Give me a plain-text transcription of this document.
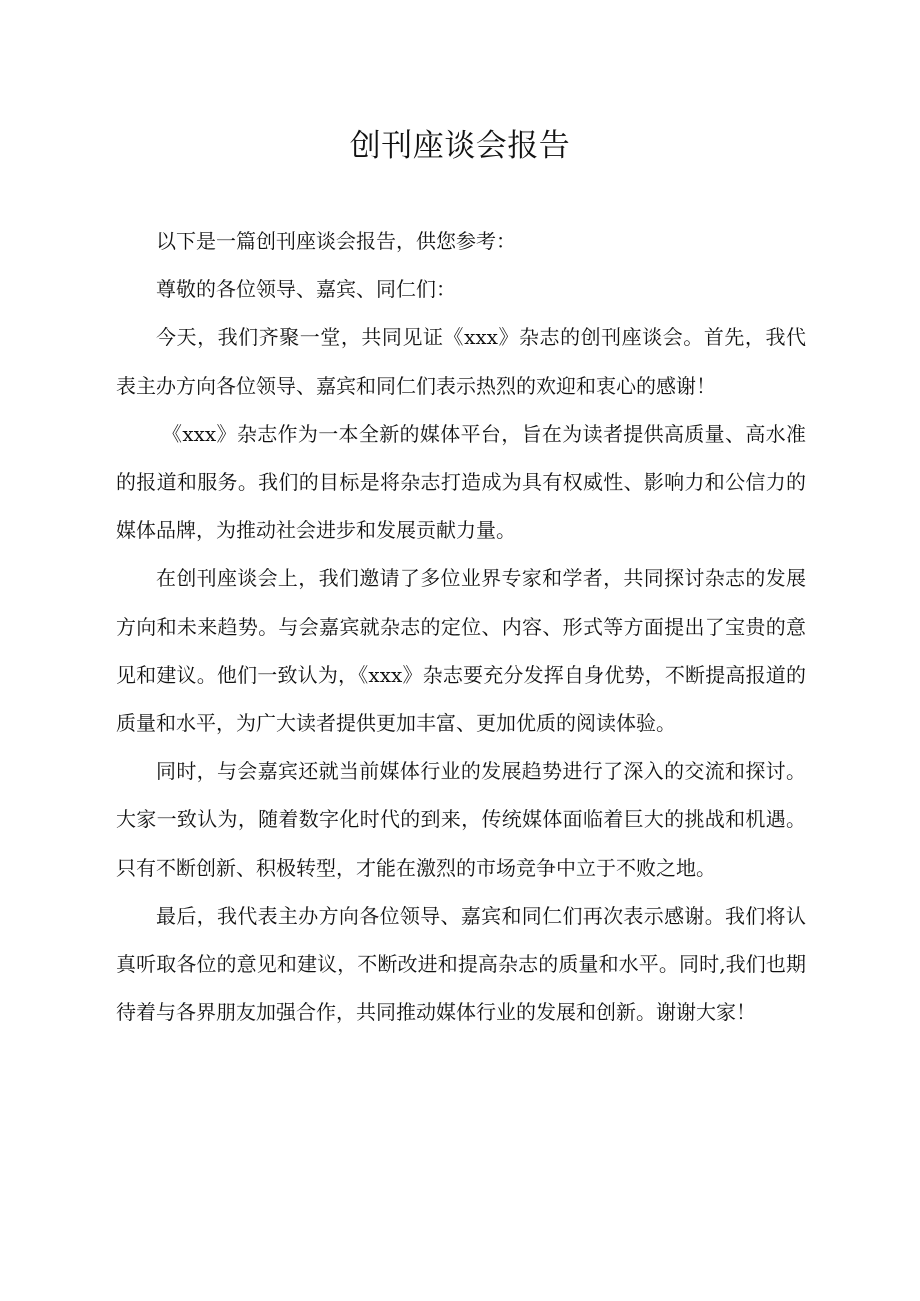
创刊座谈会报告

以下是一篇创刊座谈会报告，供您参考：

尊敬的各位领导、嘉宾、同仁们：

今天，我们齐聚一堂，共同见证《xxx》杂志的创刊座谈会。首先，我代表主办方向各位领导、嘉宾和同仁们表示热烈的欢迎和衷心的感谢！

《xxx》杂志作为一本全新的媒体平台，旨在为读者提供高质量、高水准的报道和服务。我们的目标是将杂志打造成为具有权威性、影响力和公信力的媒体品牌，为推动社会进步和发展贡献力量。

在创刊座谈会上，我们邀请了多位业界专家和学者，共同探讨杂志的发展方向和未来趋势。与会嘉宾就杂志的定位、内容、形式等方面提出了宝贵的意见和建议。他们一致认为，《xxx》杂志要充分发挥自身优势，不断提高报道的质量和水平，为广大读者提供更加丰富、更加优质的阅读体验。

同时，与会嘉宾还就当前媒体行业的发展趋势进行了深入的交流和探讨。大家一致认为，随着数字化时代的到来，传统媒体面临着巨大的挑战和机遇。只有不断创新、积极转型，才能在激烈的市场竞争中立于不败之地。

最后，我代表主办方向各位领导、嘉宾和同仁们再次表示感谢。我们将认真听取各位的意见和建议，不断改进和提高杂志的质量和水平。同时,我们也期待着与各界朋友加强合作，共同推动媒体行业的发展和创新。谢谢大家！
